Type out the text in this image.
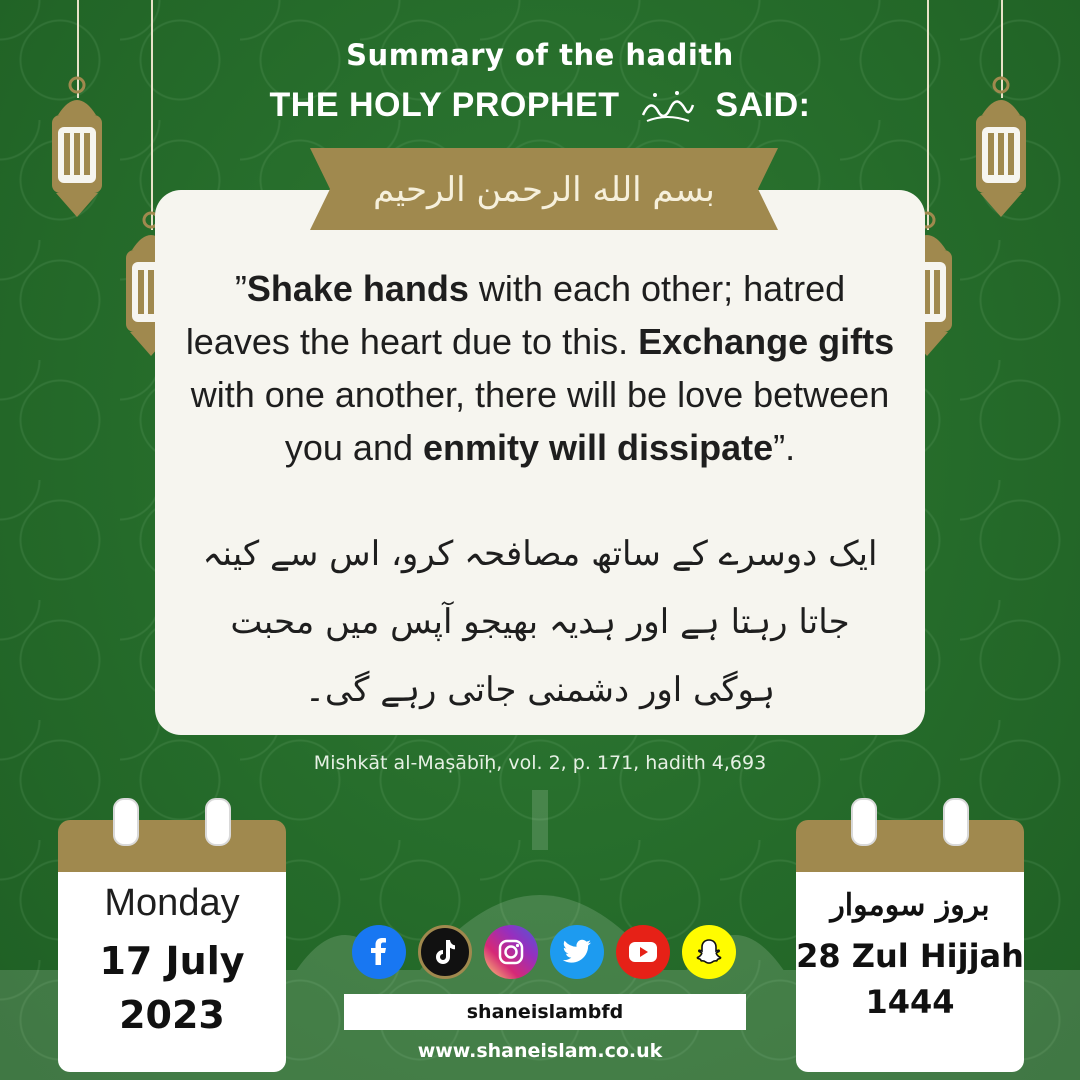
Summary of the hadith
THE HOLY PROPHET	SAID:
بسم الله الرحمن الرحیم
”Shake hands with each other; hatred leaves the heart due to this. Exchange gifts with one another, there will be love between you and enmity will dissipate”.
ایک دوسرے کے ساتھ مصافحہ کرو، اس سے کینہ جاتا رہتا ہے اور ہدیہ بھیجو آپس میں محبت ہوگی اور دشمنی جاتی رہے گی۔
Mishkāt al-Maṣābīḥ, vol. 2, p. 171, hadith 4,693
Monday
17 July
2023
بروز سوموار
28 Zul Hijjah
1444
shaneislambfd
www.shaneislam.co.uk
